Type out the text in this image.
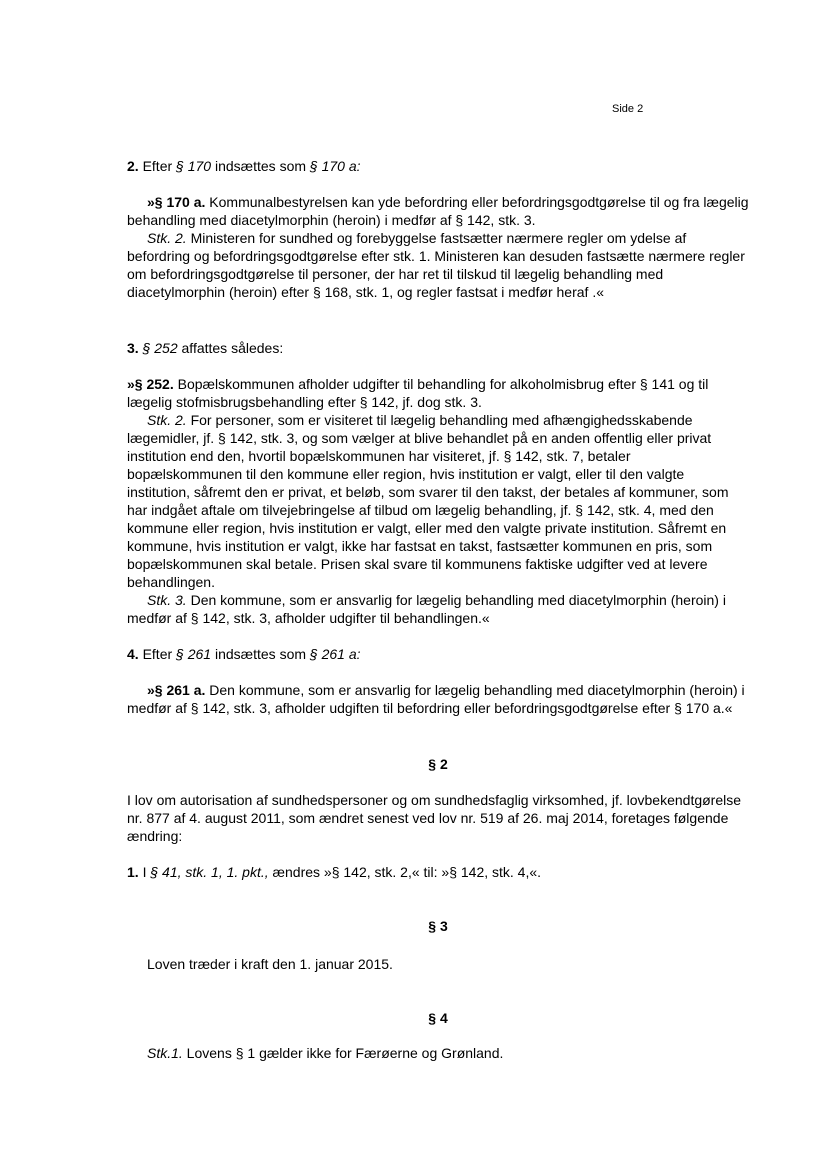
Side 2

2. Efter § 170 indsættes som § 170 a:

»§ 170 a. Kommunalbestyrelsen kan yde befordring eller befordringsgodtgørelse til og fra lægelig behandling med diacetylmorphin (heroin) i medfør af § 142, stk. 3.

Stk. 2. Ministeren for sundhed og forebyggelse fastsætter nærmere regler om ydelse af befordring og befordringsgodtgørelse efter stk. 1. Ministeren kan desuden fastsætte nærmere regler om befordringsgodtgørelse til personer, der har ret til tilskud til lægelig behandling med diacetylmorphin (heroin) efter § 168, stk. 1, og regler fastsat i medfør heraf .«

3. § 252 affattes således:

»§ 252. Bopælskommunen afholder udgifter til behandling for alkoholmisbrug efter § 141 og til lægelig stofmisbrugsbehandling efter § 142, jf. dog stk. 3.

Stk. 2. For personer, som er visiteret til lægelig behandling med afhængighedsskabende lægemidler, jf. § 142, stk. 3, og som vælger at blive behandlet på en anden offentlig eller privat institution end den, hvortil bopælskommunen har visiteret, jf. § 142, stk. 7, betaler bopælskommunen til den kommune eller region, hvis institution er valgt, eller til den valgte institution, såfremt den er privat, et beløb, som svarer til den takst, der betales af kommuner, som har indgået aftale om tilvejebringelse af tilbud om lægelig behandling, jf. § 142, stk. 4, med den kommune eller region, hvis institution er valgt, eller med den valgte private institution. Såfremt en kommune, hvis institution er valgt, ikke har fastsat en takst, fastsætter kommunen en pris, som bopælskommunen skal betale. Prisen skal svare til kommunens faktiske udgifter ved at levere behandlingen.

Stk. 3. Den kommune, som er ansvarlig for lægelig behandling med diacetylmorphin (heroin) i medfør af § 142, stk. 3, afholder udgifter til behandlingen.«

4. Efter § 261 indsættes som § 261 a:

»§ 261 a. Den kommune, som er ansvarlig for lægelig behandling med diacetylmorphin (heroin) i medfør af § 142, stk. 3, afholder udgiften til befordring eller befordringsgodtgørelse efter § 170 a.«

§ 2

I lov om autorisation af sundhedspersoner og om sundhedsfaglig virksomhed, jf. lovbekendtgørelse nr. 877 af 4. august 2011, som ændret senest ved lov nr. 519 af 26. maj 2014, foretages følgende ændring:

1. I § 41, stk. 1, 1. pkt., ændres »§ 142, stk. 2,« til: »§ 142, stk. 4,«.

§ 3

Loven træder i kraft den 1. januar 2015.

§ 4

Stk.1. Lovens § 1 gælder ikke for Færøerne og Grønland.
